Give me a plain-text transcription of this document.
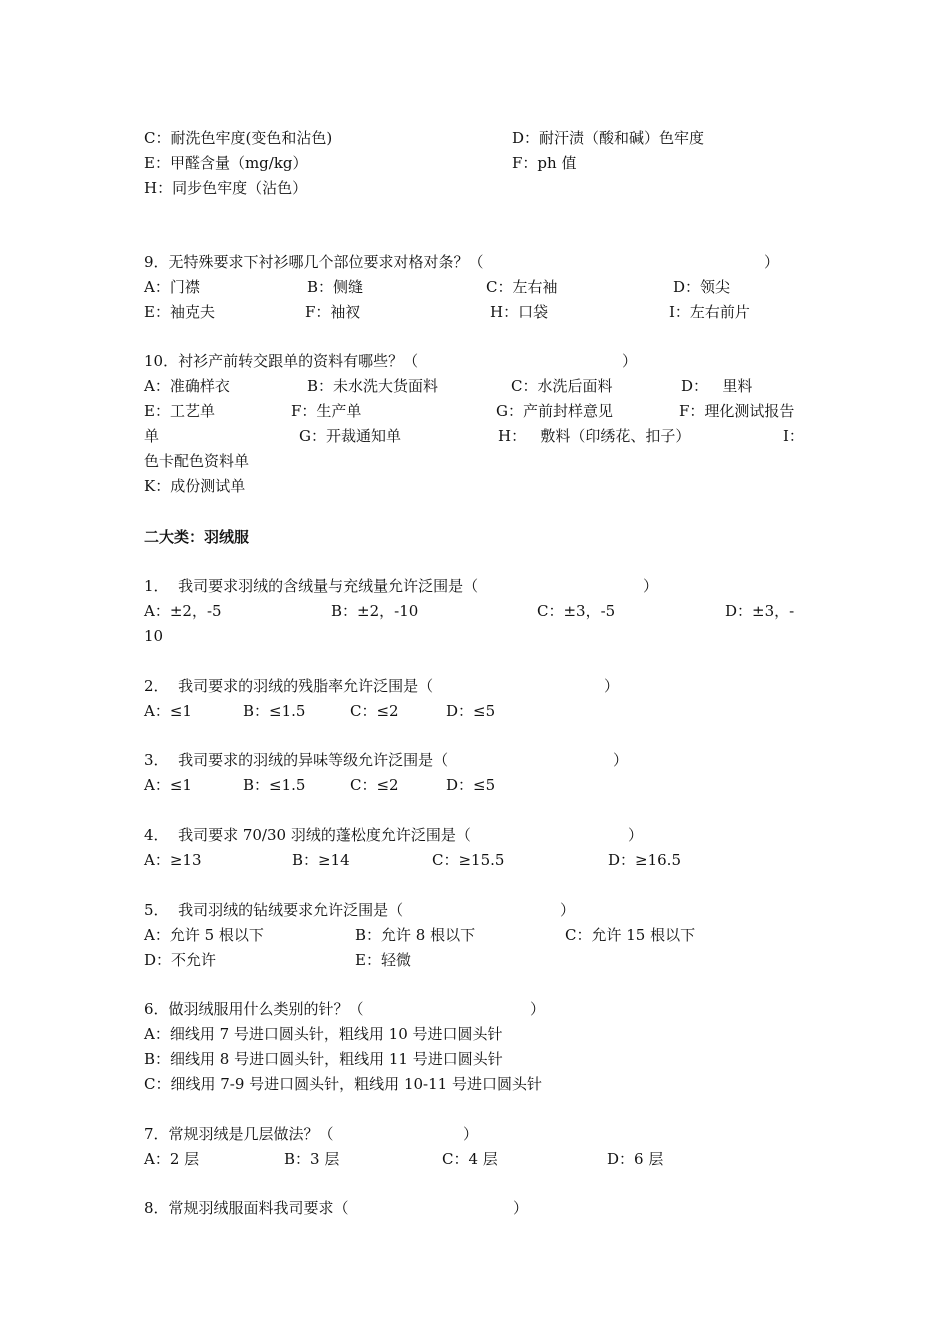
C：耐洗色牢度(变色和沾色)	D：耐汗渍（酸和碱）色牢度
E：甲醛含量（mg/kg）	F：ph 值
H：同步色牢度（沾色）
9．无特殊要求下衬衫哪几个部位要求对格对条？（	）
A：门襟	B：侧缝	C：左右袖	D：领尖
E：袖克夫	F：袖衩	H：口袋	I：左右前片
10．衬衫产前转交跟单的资料有哪些？（	）
A：准确样衣	B：未水洗大货面料	C：水洗后面料	D：   里料
E：工艺单	F：生产单	G：产前封样意见	F：理化测试报告
单	G：开裁通知单	H：   敷料（印绣花、扣子）	I：
色卡配色资料单
K：成份测试单
二大类：羽绒服
1．  我司要求羽绒的含绒量与充绒量允许泛围是（	）
A：±2，-5	B：±2，-10	C：±3，-5	D：±3，-
10
2．  我司要求的羽绒的残脂率允许泛围是（	）
A：≤1	B：≤1.5	C：≤2	D：≤5
3．  我司要求的羽绒的异味等级允许泛围是（	）
A：≤1	B：≤1.5	C：≤2	D：≤5
4．  我司要求 70/30 羽绒的蓬松度允许泛围是（	）
A：≥13	B：≥14	C：≥15.5	D：≥16.5
5．  我司羽绒的钻绒要求允许泛围是（	）
A：允许 5 根以下	B：允许 8 根以下	C：允许 15 根以下
D：不允许	E：轻微
6．做羽绒服用什么类别的针？（	）
A：细线用 7 号进口圆头针，粗线用 10 号进口圆头针
B：细线用 8 号进口圆头针，粗线用 11 号进口圆头针
C：细线用 7-9 号进口圆头针，粗线用 10-11 号进口圆头针
7．常规羽绒是几层做法？（	）
A：2 层	B：3 层	C：4 层	D：6 层
8．常规羽绒服面料我司要求（	）
